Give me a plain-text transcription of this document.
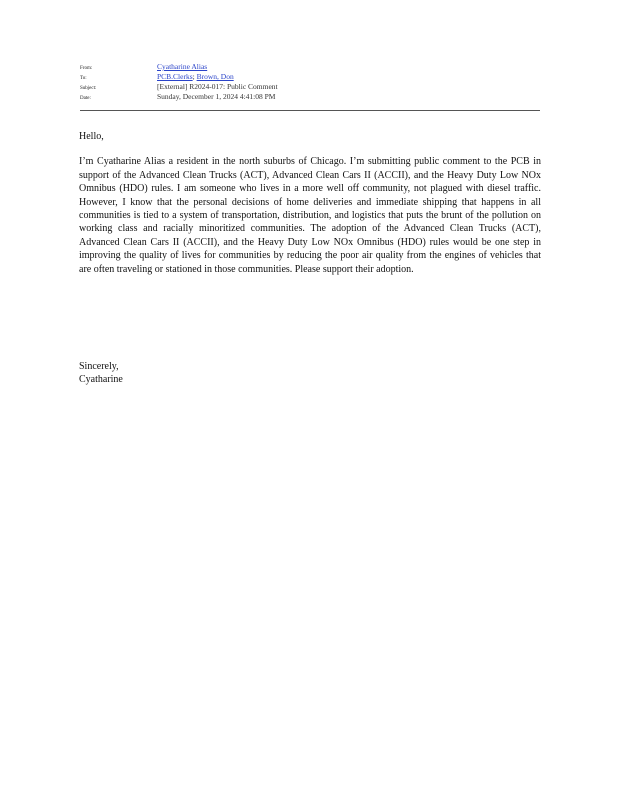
From:	Cyatharine Alias
To:	PCB.Clerks; Brown, Don
Subject:	[External] R2024-017: Public Comment
Date:	Sunday, December 1, 2024 4:41:08 PM

Hello,

I’m Cyatharine Alias a resident in the north suburbs of Chicago. I’m submitting public comment to the PCB in support of the Advanced Clean Trucks (ACT), Advanced Clean Cars II (ACCII), and the Heavy Duty Low NOx Omnibus (HDO) rules. I am someone who lives in a more well off community, not plagued with diesel traffic. However, I know that the personal decisions of home deliveries and immediate shipping that happens in all communities is tied to a system of transportation, distribution, and logistics that puts the brunt of the pollution on working class and racially minoritized communities. The adoption of the Advanced Clean Trucks (ACT), Advanced Clean Cars II (ACCII), and the Heavy Duty Low NOx Omnibus (HDO) rules would be one step in improving the quality of lives for communities by reducing the poor air quality from the engines of vehicles that are often traveling or stationed in those communities. Please support their adoption.

Sincerely,
Cyatharine
